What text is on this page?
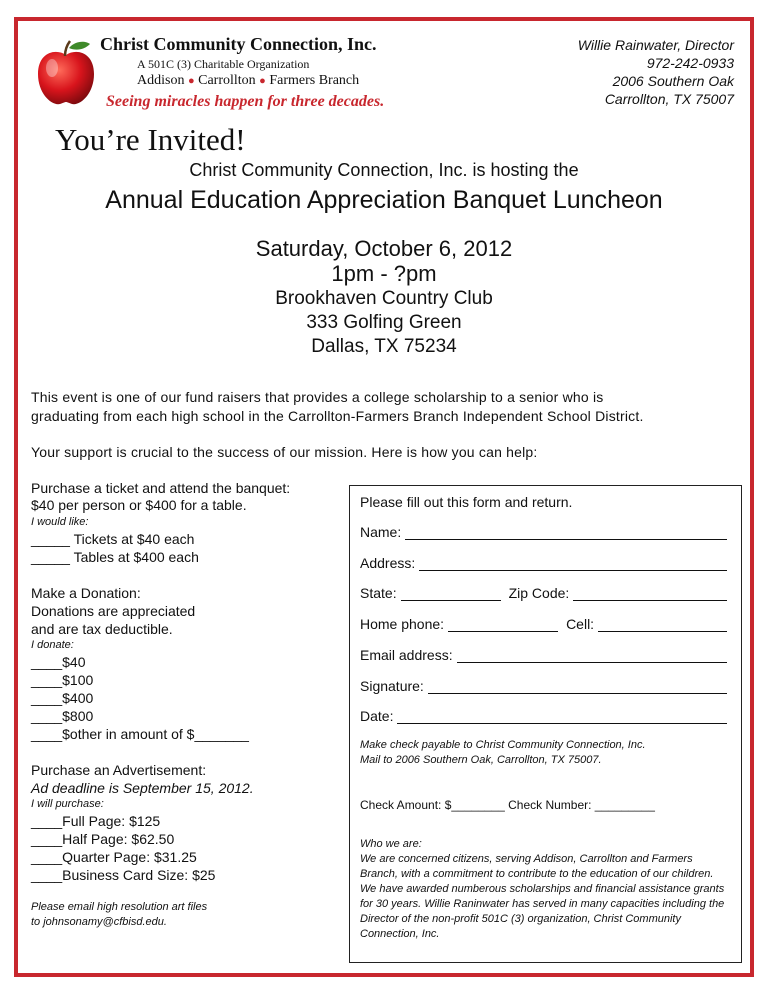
Christ Community Connection, Inc.
A 501C (3) Charitable Organization
Addison ● Carrollton ● Farmers Branch
Seeing miracles happen for three decades.
Willie Rainwater, Director
972-242-0933
2006 Southern Oak
Carrollton, TX 75007
You’re Invited!
Christ Community Connection, Inc. is hosting the
Annual Education Appreciation Banquet Luncheon
Saturday, October 6, 2012
1pm - ?pm
Brookhaven Country Club
333 Golfing Green
Dallas, TX 75234
This event is one of our fund raisers that provides a college scholarship to a senior who is
graduating from each high school in the Carrollton-Farmers Branch Independent School District.
Your support is crucial to the success of our mission. Here is how you can help:
Purchase a ticket and attend the banquet:
$40 per person or $400 for a table.
I would like:
_____ Tickets at $40 each
_____ Tables at $400 each
Make a Donation:
Donations are appreciated
and are tax deductible.
I donate:
____$40
____$100
____$400
____$800
____$other in amount of $_______
Purchase an Advertisement:
Ad deadline is September 15, 2012.
I will purchase:
____Full Page: $125
____Half Page: $62.50
____Quarter Page: $31.25
____Business Card Size: $25
Please email high resolution art files
to johnsonamy@cfbisd.edu.
Please fill out this form and return.
Name:
Address:
State:	Zip Code:
Home phone:	Cell:
Email address:
Signature:
Date:
Make check payable to Christ Community Connection, Inc.
Mail to 2006 Southern Oak, Carrollton, TX 75007.
Check Amount: $________ Check Number: _________
Who we are:
We are concerned citizens, serving Addison, Carrollton and Farmers Branch, with a commitment to contribute to the education of our children. We have awarded numberous scholarships and financial assistance grants for 30 years. Willie Raninwater has served in many capacities including the Director of the non-profit 501C (3) organization, Christ Community Connection, Inc.
